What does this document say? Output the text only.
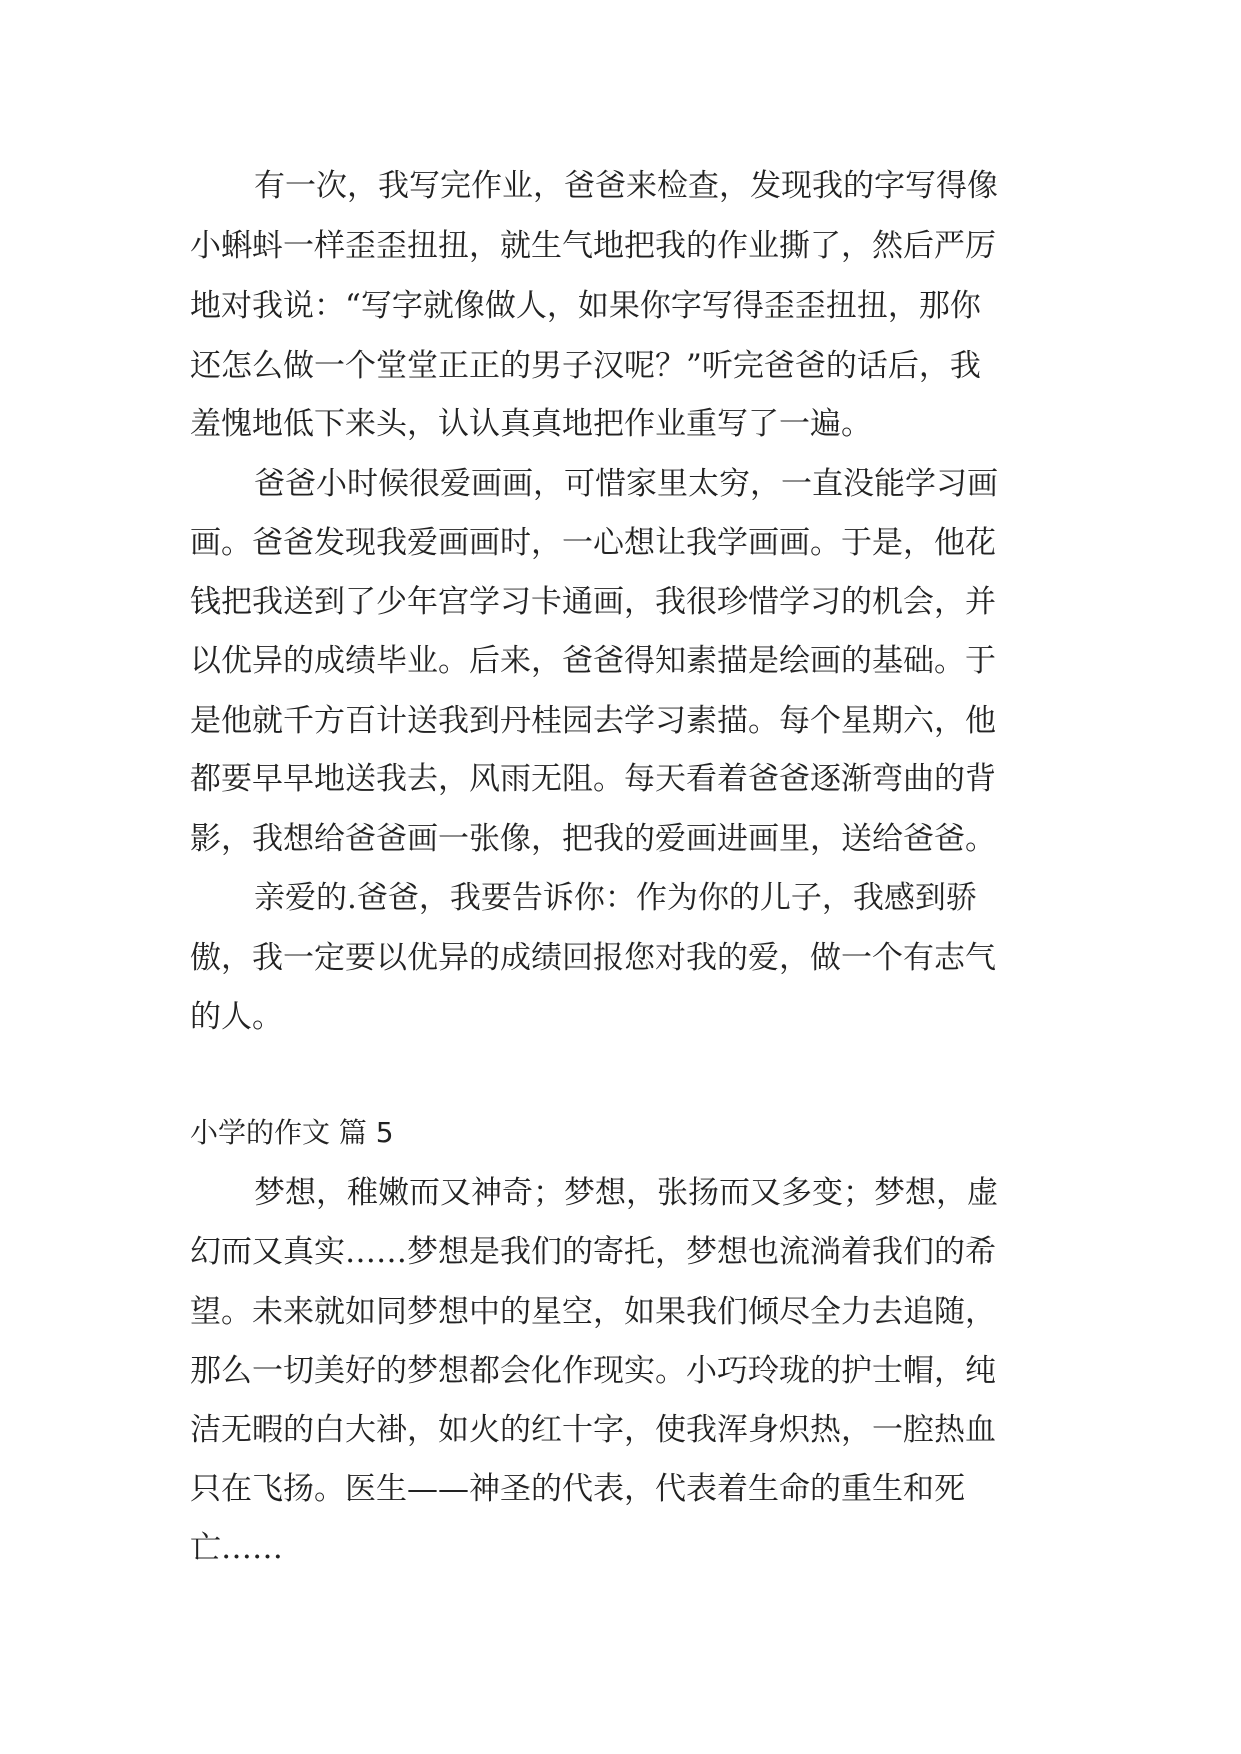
有一次，我写完作业，爸爸来检查，发现我的字写得像
小蝌蚪一样歪歪扭扭，就生气地把我的作业撕了，然后严厉
地对我说：“写字就像做人，如果你字写得歪歪扭扭，那你
还怎么做一个堂堂正正的男子汉呢？”听完爸爸的话后，我
羞愧地低下来头，认认真真地把作业重写了一遍。
爸爸小时候很爱画画，可惜家里太穷，一直没能学习画
画。爸爸发现我爱画画时，一心想让我学画画。于是，他花
钱把我送到了少年宫学习卡通画，我很珍惜学习的机会，并
以优异的成绩毕业。后来，爸爸得知素描是绘画的基础。于
是他就千方百计送我到丹桂园去学习素描。每个星期六，他
都要早早地送我去，风雨无阻。每天看着爸爸逐渐弯曲的背
影，我想给爸爸画一张像，把我的爱画进画里，送给爸爸。
亲爱的.爸爸，我要告诉你：作为你的儿子，我感到骄
傲，我一定要以优异的成绩回报您对我的爱，做一个有志气
的人。
小学的作文 篇 5
梦想，稚嫩而又神奇；梦想，张扬而又多变；梦想，虚
幻而又真实……梦想是我们的寄托，梦想也流淌着我们的希
望。未来就如同梦想中的星空，如果我们倾尽全力去追随，
那么一切美好的梦想都会化作现实。小巧玲珑的护士帽，纯
洁无暇的白大褂，如火的红十字，使我浑身炽热，一腔热血
只在飞扬。医生——神圣的代表，代表着生命的重生和死
亡……
